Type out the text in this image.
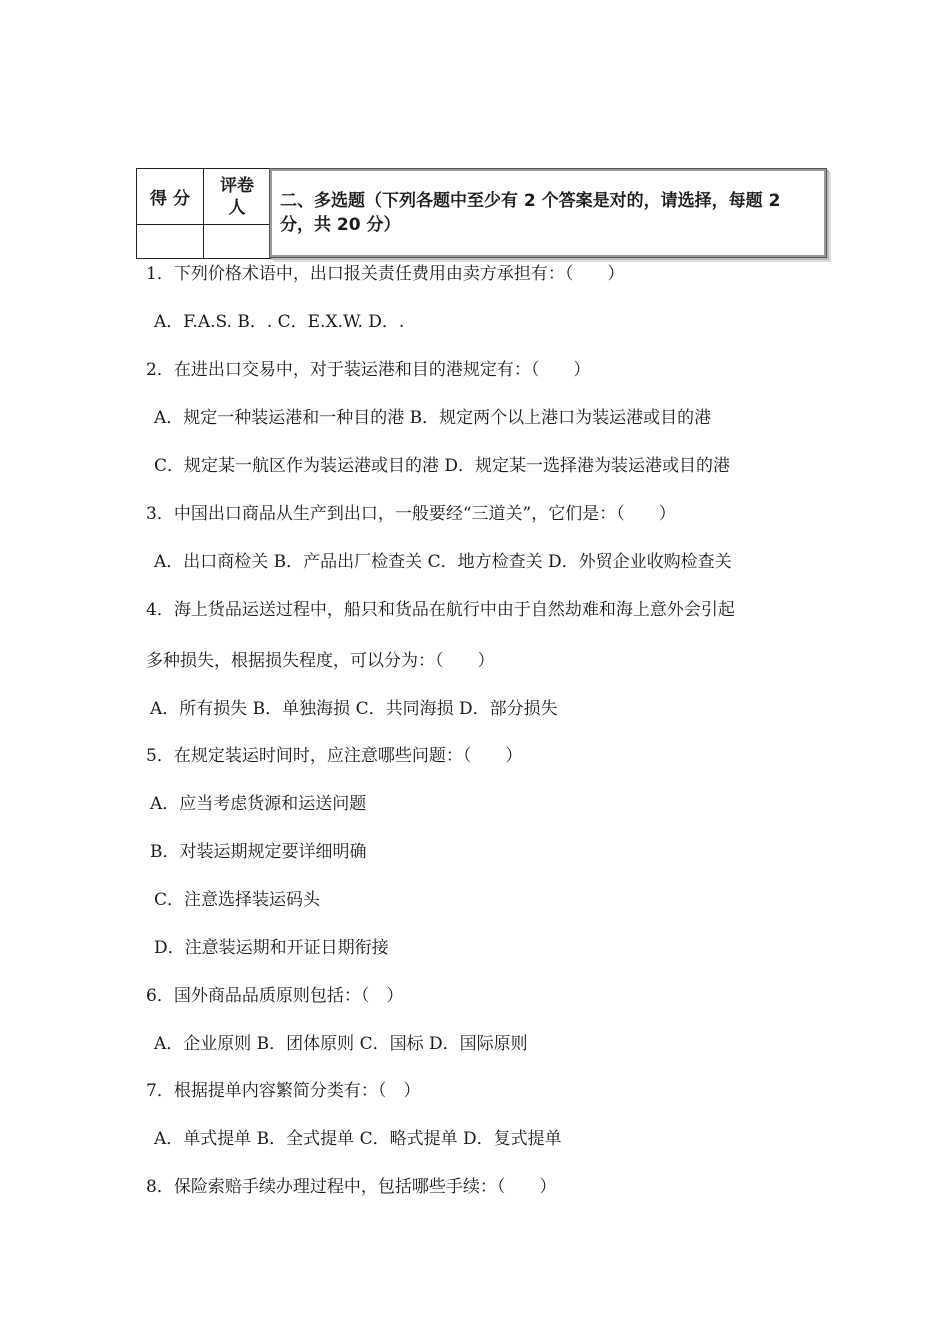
得 分	评卷
人
	二、多选题（下列各题中至少有 2 个答案是对的，请选择，每题 2 分，共 20 分）
1．下列价格术语中，出口报关责任费用由卖方承担有：（　　）
A．F.A.S. B．. C．E.X.W. D．.
2．在进出口交易中，对于装运港和目的港规定有：（　　）
A．规定一种装运港和一种目的港 B．规定两个以上港口为装运港或目的港
C．规定某一航区作为装运港或目的港 D．规定某一选择港为装运港或目的港
3．中国出口商品从生产到出口，一般要经“三道关”，它们是：（　　）
A．出口商检关 B．产品出厂检查关 C．地方检查关 D．外贸企业收购检查关
4．海上货品运送过程中，船只和货品在航行中由于自然劫难和海上意外会引起
多种损失，根据损失程度，可以分为：（　　）
A．所有损失 B．单独海损 C．共同海损 D．部分损失
5．在规定装运时间时，应注意哪些问题：（　　）
A．应当考虑货源和运送问题
B．对装运期规定要详细明确
C．注意选择装运码头
D．注意装运期和开证日期衔接
6．国外商品品质原则包括：（　）
A．企业原则 B．团体原则 C．国标 D．国际原则
7．根据提单内容繁简分类有：（　）
A．单式提单 B．全式提单 C．略式提单 D．复式提单
8．保险索赔手续办理过程中，包括哪些手续：（　　）
